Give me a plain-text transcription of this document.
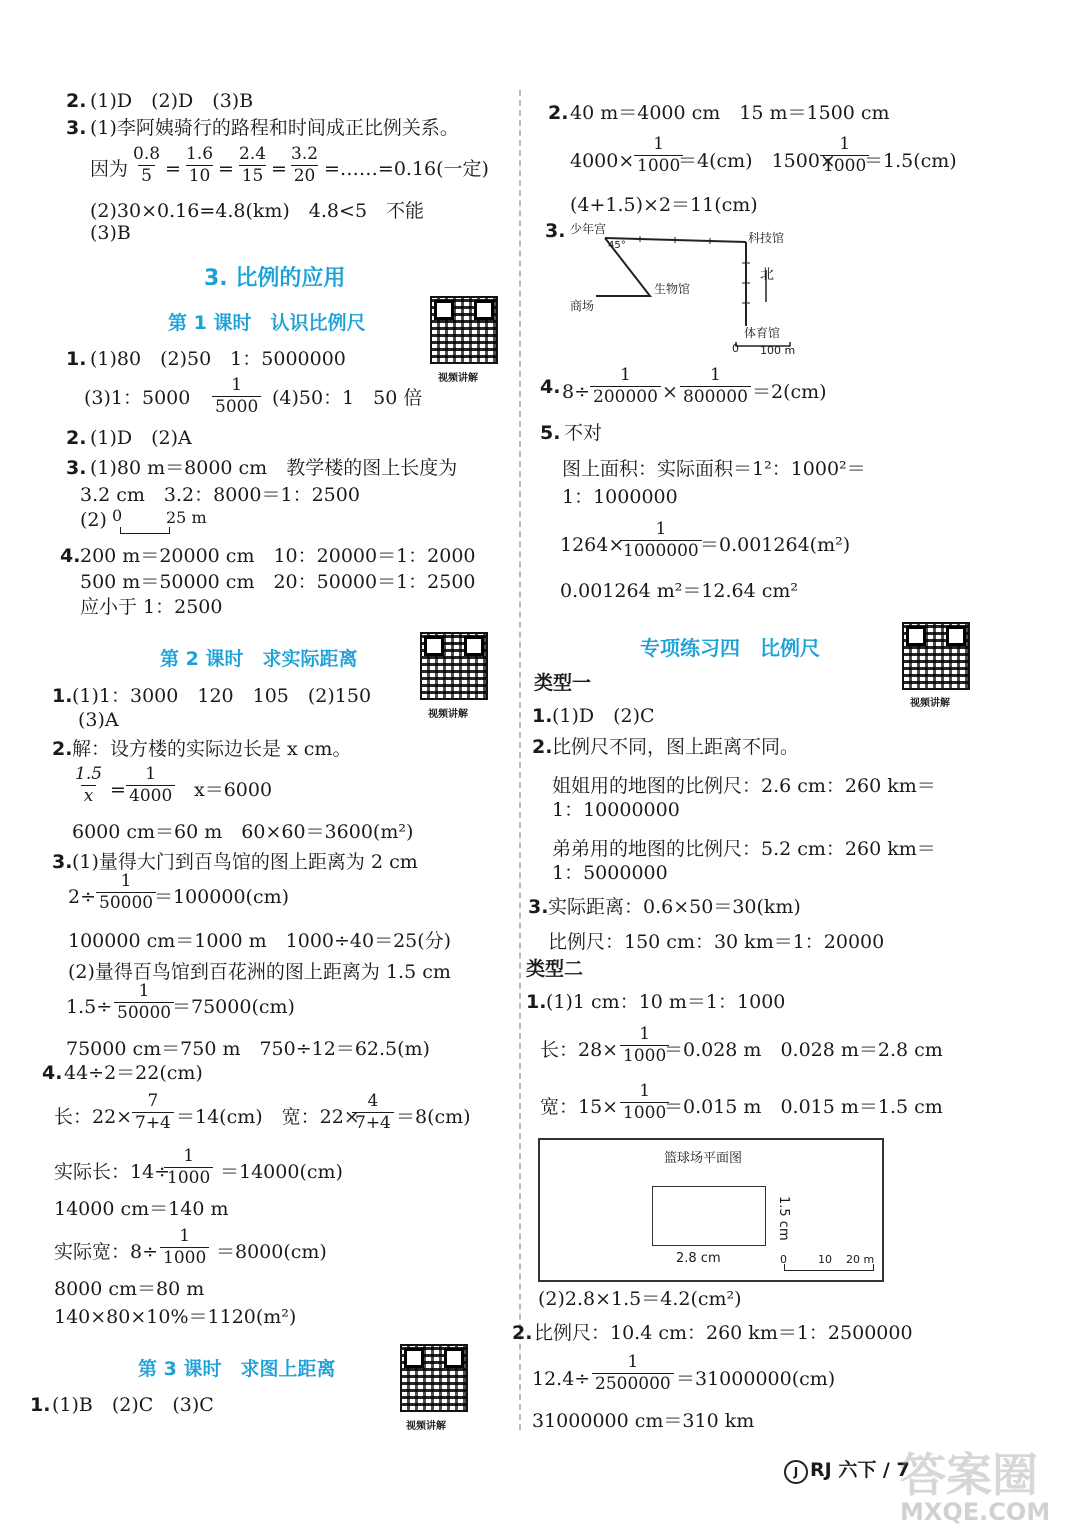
2. (1)D　(2)D　(3)B
3. (1)李阿姨骑行的路程和时间成正比例关系。
因为
0.8
5 =
1.6
10 =
2.4
15 =
3.2
20 =……=0.16(一定)
(2)30×0.16=4.8(km)　4.8<5　不能
(3)B
3. 比例的应用
第 1 课时　认识比例尺
视频讲解
1. (1)80　(2)50　1：5000000
(3)1：5000
1
5000 (4)50：1　50 倍
2. (1)D　(2)A
3. (1)80 m＝8000 cm　教学楼的图上长度为
3.2 cm　3.2：8000＝1：2500
(2) 0	25 m
4. 200 m＝20000 cm　10：20000＝1：2000
500 m＝50000 cm　20：50000＝1：2500
应小于 1：2500
第 2 课时　求实际距离
视频讲解
1. (1)1：3000　120　105　(2)150
(3)A
2. 解：设方楼的实际边长是 x cm。
1.5
x =
1
4000 x＝6000
6000 cm＝60 m　60×60＝3600(m²)
3. (1)量得大门到百鸟馆的图上距离为 2 cm
2÷
1
50000 ＝100000(cm)
100000 cm＝1000 m　1000÷40＝25(分)
(2)量得百鸟馆到百花洲的图上距离为 1.5 cm
1.5÷
1
50000 ＝75000(cm)
75000 cm＝750 m　750÷12＝62.5(m)
4. 44÷2＝22(cm)
长：22×
7
7+4 ＝14(cm)　宽：22×
4
7+4 ＝8(cm)
实际长：14÷
1
1000 ＝14000(cm)
14000 cm＝140 m
实际宽：8÷
1
1000 ＝8000(cm)
8000 cm＝80 m
140×80×10%＝1120(m²)
第 3 课时　求图上距离
视频讲解
1. (1)B　(2)C　(3)C
2. 40 m＝4000 cm　15 m＝1500 cm
4000×
1
1000
＝4(cm)　1500×
1
1000
＝1.5(cm)
(4+1.5)×2＝11(cm)
3. 少年宫
45°
科技馆
北
生物馆
商场
体育馆
0 100 m
4. 8÷
1
200000 ×
1
800000 ＝2(cm)
5. 不对
图上面积：实际面积＝1²：1000²＝
1：1000000
1264×
1
1000000 ＝0.001264(m²)
0.001264 m²＝12.64 cm²
专项练习四　比例尺
视频讲解
类型一
1. (1)D　(2)C
2. 比例尺不同，图上距离不同。
姐姐用的地图的比例尺：2.6 cm：260 km＝
1：10000000
弟弟用的地图的比例尺：5.2 cm：260 km＝
1：5000000
3. 实际距离：0.6×50＝30(km)
比例尺：150 cm：30 km＝1：20000
类型二
1. (1)1 cm：10 m＝1：1000
长：28×
1
1000
＝0.028 m　0.028 m＝2.8 cm
宽：15×
1
1000
＝0.015 m　0.015 m＝1.5 cm
篮球场平面图
2.8 cm
1.5 cm
0	10 20 m
(2)2.8×1.5＝4.2(cm²)
2. 比例尺：10.4 cm：260 km＝1：2500000
12.4÷
1
2500000 ＝31000000(cm)
31000000 cm＝310 km
J RJ 六下 / 7
答案圈
MXQE.COM
